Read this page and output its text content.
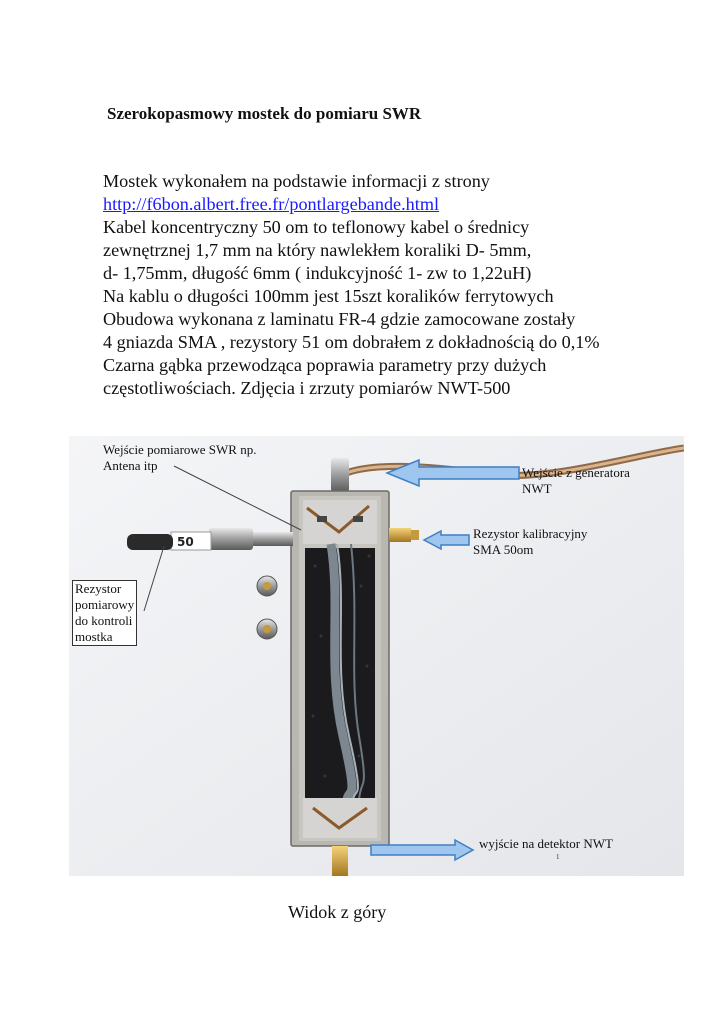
Szerokopasmowy mostek do pomiaru SWR
Mostek wykonałem na podstawie informacji z strony
http://f6bon.albert.free.fr/pontlargebande.html
Kabel koncentryczny 50 om to teflonowy kabel o średnicy
zewnętrznej 1,7 mm na który nawlekłem koraliki D- 5mm,
d- 1,75mm, długość 6mm ( indukcyjność 1- zw to 1,22uH)
Na kablu o długości 100mm jest 15szt koralików ferrytowych
Obudowa wykonana z laminatu FR-4 gdzie zamocowane zostały
4 gniazda SMA , rezystory 51 om dobrałem z dokładnością do 0,1%
Czarna gąbka przewodząca poprawia parametry przy dużych
częstotliwościach. Zdjęcia i zrzuty pomiarów NWT-500
50
Wejście pomiarowe SWR np.
Antena itp	Wejście z generatora
NWT
Rezystor kalibracyjny
SMA 50om
Rezystor
pomiarowy
do kontroli
mostka
wyjście na detektor NWT
1
Widok z góry
